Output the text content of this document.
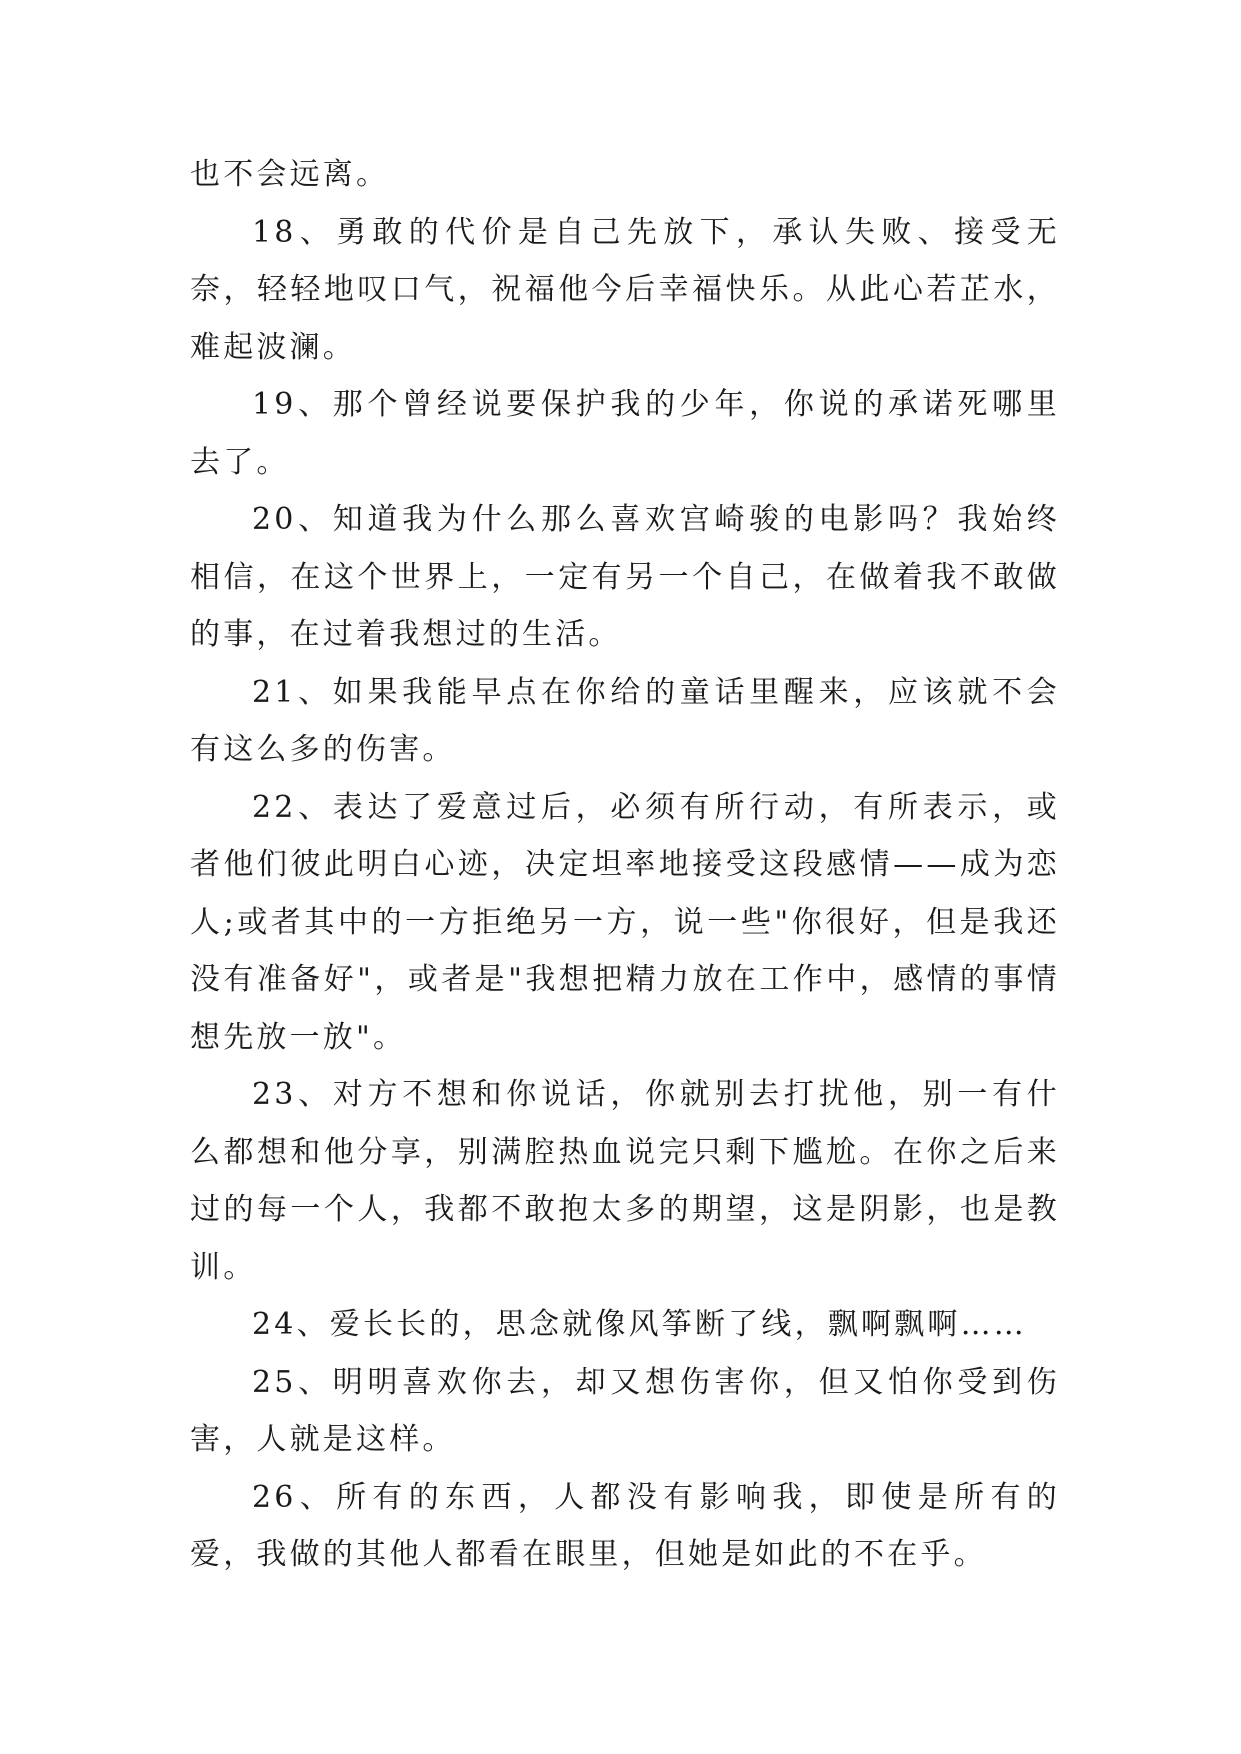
也不会远离。

18、勇敢的代价是自己先放下，承认失败、接受无奈，轻轻地叹口气，祝福他今后幸福快乐。从此心若芷水，难起波澜。

19、那个曾经说要保护我的少年，你说的承诺死哪里去了。

20、知道我为什么那么喜欢宫崎骏的电影吗？我始终相信，在这个世界上，一定有另一个自己，在做着我不敢做的事，在过着我想过的生活。

21、如果我能早点在你给的童话里醒来，应该就不会有这么多的伤害。

22、表达了爱意过后，必须有所行动，有所表示，或者他们彼此明白心迹，决定坦率地接受这段感情——成为恋人;或者其中的一方拒绝另一方，说一些"你很好，但是我还没有准备好"，或者是"我想把精力放在工作中，感情的事情想先放一放"。

23、对方不想和你说话，你就别去打扰他，别一有什么都想和他分享，别满腔热血说完只剩下尴尬。在你之后来过的每一个人，我都不敢抱太多的期望，这是阴影，也是教训。

24、爱长长的，思念就像风筝断了线，飘啊飘啊……

25、明明喜欢你去，却又想伤害你，但又怕你受到伤害，人就是这样。

26、所有的东西，人都没有影响我，即使是所有的爱，我做的其他人都看在眼里，但她是如此的不在乎。
